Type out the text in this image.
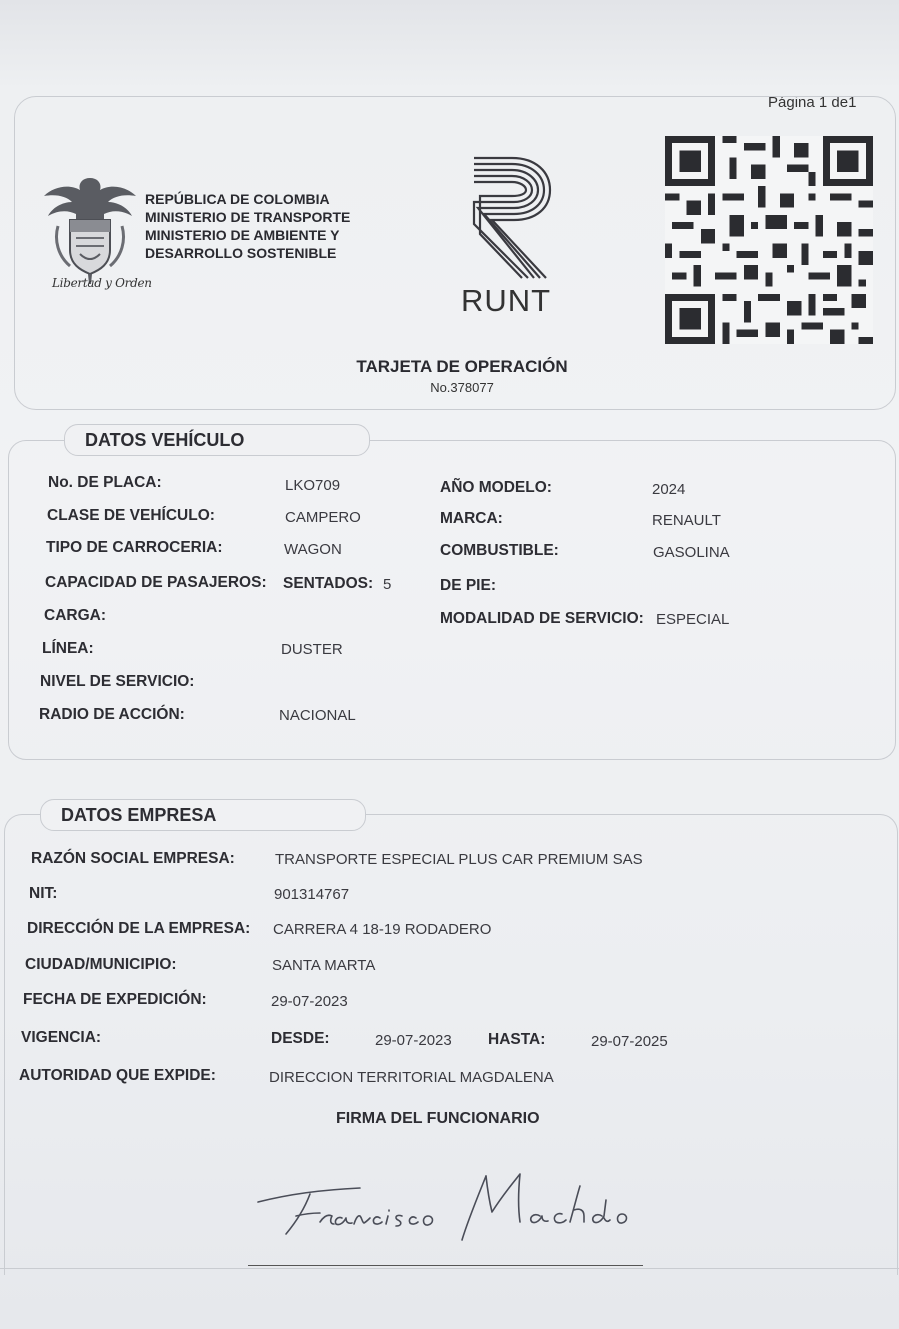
Página 1 de1
Libertad y Orden
REPÚBLICA DE COLOMBIA
MINISTERIO DE TRANSPORTE
MINISTERIO DE AMBIENTE Y
DESARROLLO SOSTENIBLE
RUNT
TARJETA DE OPERACIÓN
No.378077
DATOS VEHÍCULO
No. DE PLACA:	LKO709
CLASE DE VEHÍCULO:	CAMPERO
TIPO DE CARROCERIA:	WAGON
CAPACIDAD DE PASAJEROS: SENTADOS: 5
CARGA:
LÍNEA:	DUSTER
NIVEL DE SERVICIO:
RADIO DE ACCIÓN:	NACIONAL
AÑO MODELO:	2024
MARCA:	RENAULT
COMBUSTIBLE:	GASOLINA
DE PIE:
MODALIDAD DE SERVICIO: ESPECIAL
DATOS EMPRESA
RAZÓN SOCIAL EMPRESA:	TRANSPORTE ESPECIAL PLUS CAR PREMIUM SAS
NIT:	901314767
DIRECCIÓN DE LA EMPRESA: CARRERA 4 18-19 RODADERO
CIUDAD/MUNICIPIO:	SANTA MARTA
FECHA DE EXPEDICIÓN:	29-07-2023
VIGENCIA:	DESDE:	29-07-2023 HASTA:	29-07-2025
AUTORIDAD QUE EXPIDE:	DIRECCION TERRITORIAL MAGDALENA
FIRMA DEL FUNCIONARIO
